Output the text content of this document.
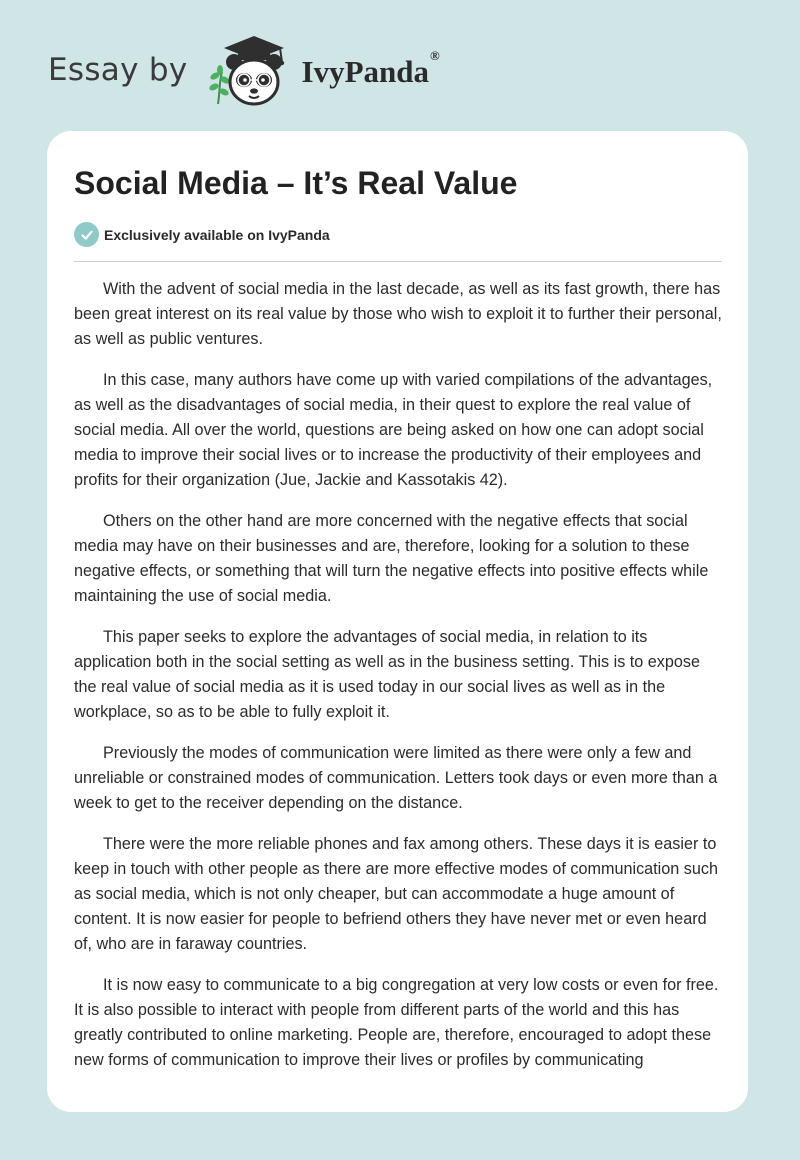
Essay by	IvyPanda®
Social Media – It’s Real Value
Exclusively available on IvyPanda

With the advent of social media in the last decade, as well as its fast growth, there has been great interest on its real value by those who wish to exploit it to further their personal, as well as public ventures.

In this case, many authors have come up with varied compilations of the advantages, as well as the disadvantages of social media, in their quest to explore the real value of social media. All over the world, questions are being asked on how one can adopt social media to improve their social lives or to increase the productivity of their employees and profits for their organization (Jue, Jackie and Kassotakis 42).

Others on the other hand are more concerned with the negative effects that social media may have on their businesses and are, therefore, looking for a solution to these negative effects, or something that will turn the negative effects into positive effects while maintaining the use of social media.

This paper seeks to explore the advantages of social media, in relation to its application both in the social setting as well as in the business setting. This is to expose the real value of social media as it is used today in our social lives as well as in the workplace, so as to be able to fully exploit it.

Previously the modes of communication were limited as there were only a few and unreliable or constrained modes of communication. Letters took days or even more than a week to get to the receiver depending on the distance.

There were the more reliable phones and fax among others. These days it is easier to keep in touch with other people as there are more effective modes of communication such as social media, which is not only cheaper, but can accommodate a huge amount of content. It is now easier for people to befriend others they have never met or even heard of, who are in faraway countries.

It is now easy to communicate to a big congregation at very low costs or even for free. It is also possible to interact with people from different parts of the world and this has greatly contributed to online marketing. People are, therefore, encouraged to adopt these new forms of communication to improve their lives or profiles by communicating
